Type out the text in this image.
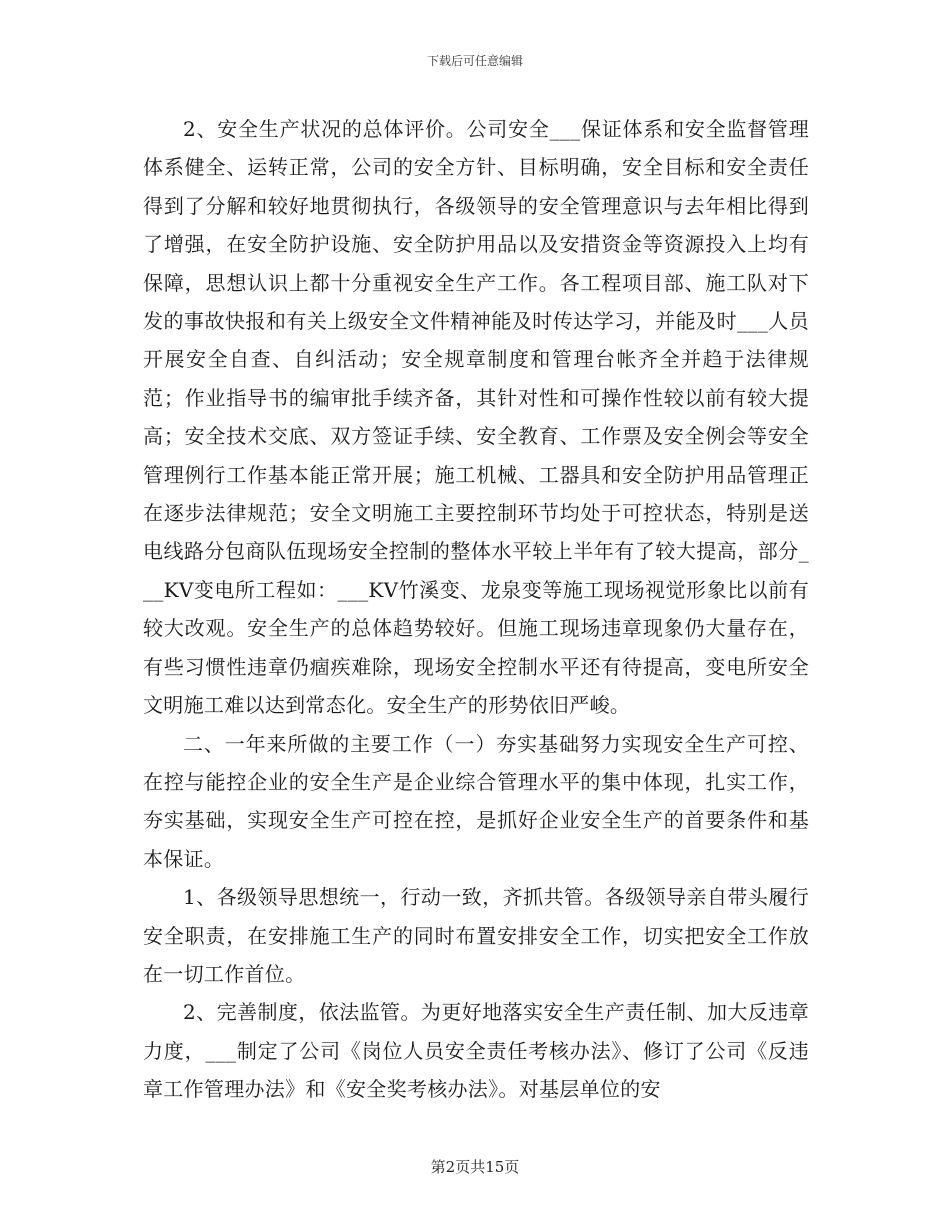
下载后可任意编辑

2、安全生产状况的总体评价。公司安全___保证体系和安全监督管理体系健全、运转正常，公司的安全方针、目标明确，安全目标和安全责任得到了分解和较好地贯彻执行，各级领导的安全管理意识与去年相比得到了增强，在安全防护设施、安全防护用品以及安措资金等资源投入上均有保障，思想认识上都十分重视安全生产工作。各工程项目部、施工队对下发的事故快报和有关上级安全文件精神能及时传达学习，并能及时___人员开展安全自查、自纠活动；安全规章制度和管理台帐齐全并趋于法律规范；作业指导书的编审批手续齐备，其针对性和可操作性较以前有较大提高；安全技术交底、双方签证手续、安全教育、工作票及安全例会等安全管理例行工作基本能正常开展；施工机械、工器具和安全防护用品管理正在逐步法律规范；安全文明施工主要控制环节均处于可控状态，特别是送电线路分包商队伍现场安全控制的整体水平较上半年有了较大提高，部分___KV变电所工程如：___KV竹溪变、龙泉变等施工现场视觉形象比以前有较大改观。安全生产的总体趋势较好。但施工现场违章现象仍大量存在，有些习惯性违章仍痼疾难除，现场安全控制水平还有待提高，变电所安全文明施工难以达到常态化。安全生产的形势依旧严峻。

二、一年来所做的主要工作（一）夯实基础努力实现安全生产可控、在控与能控企业的安全生产是企业综合管理水平的集中体现，扎实工作，夯实基础，实现安全生产可控在控，是抓好企业安全生产的首要条件和基本保证。

1、各级领导思想统一，行动一致，齐抓共管。各级领导亲自带头履行安全职责，在安排施工生产的同时布置安排安全工作，切实把安全工作放在一切工作首位。

2、完善制度，依法监管。为更好地落实安全生产责任制、加大反违章力度，___制定了公司《岗位人员安全责任考核办法》、修订了公司《反违章工作管理办法》和《安全奖考核办法》。对基层单位的安

第2页共15页
